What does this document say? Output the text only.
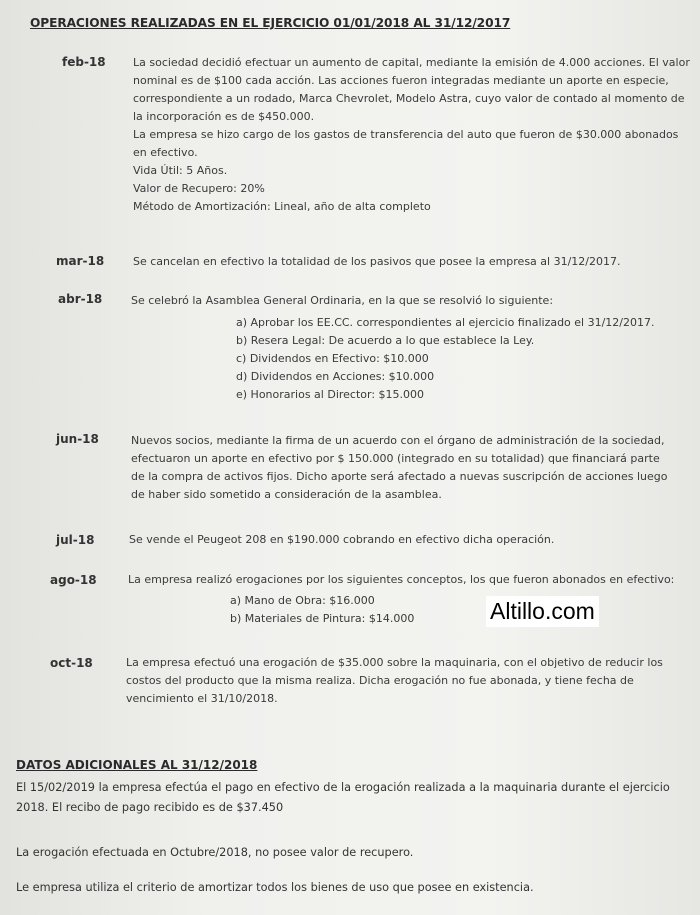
OPERACIONES REALIZADAS EN EL EJERCICIO 01/01/2018 AL 31/12/2017
feb-18 La sociedad decidió efectuar un aumento de capital, mediante la emisión de 4.000 acciones. El valor
nominal es de $100 cada acción. Las acciones fueron integradas mediante un aporte en especie,
correspondiente a un rodado, Marca Chevrolet, Modelo Astra, cuyo valor de contado al momento de
la incorporación es de $450.000.
La empresa se hizo cargo de los gastos de transferencia del auto que fueron de $30.000 abonados
en efectivo.
Vida Útil: 5 Años.
Valor de Recupero: 20%
Método de Amortización: Lineal, año de alta completo
mar-18	Se cancelan en efectivo la totalidad de los pasivos que posee la empresa al 31/12/2017.
abr-18	Se celebró la Asamblea General Ordinaria, en la que se resolvió lo siguiente:
a) Aprobar los EE.CC. correspondientes al ejercicio finalizado el 31/12/2017.
b) Resera Legal: De acuerdo a lo que establece la Ley.
c) Dividendos en Efectivo: $10.000
d) Dividendos en Acciones: $10.000
e) Honorarios al Director: $15.000
jun-18	Nuevos socios, mediante la firma de un acuerdo con el órgano de administración de la sociedad,
efectuaron un aporte en efectivo por $ 150.000 (integrado en su totalidad) que financiará parte
de la compra de activos fijos. Dicho aporte será afectado a nuevas suscripción de acciones luego
de haber sido sometido a consideración de la asamblea.
jul-18	Se vende el Peugeot 208 en $190.000 cobrando en efectivo dicha operación.
ago-18	La empresa realizó erogaciones por los siguientes conceptos, los que fueron abonados en efectivo:
a) Mano de Obra: $16.000
b) Materiales de Pintura: $14.000	Altillo.com
oct-18	La empresa efectuó una erogación de $35.000 sobre la maquinaria, con el objetivo de reducir los
costos del producto que la misma realiza. Dicha erogación no fue abonada, y tiene fecha de
vencimiento el 31/10/2018.
DATOS ADICIONALES AL 31/12/2018
El 15/02/2019 la empresa efectúa el pago en efectivo de la erogación realizada a la maquinaria durante el ejercicio
2018. El recibo de pago recibido es de $37.450
La erogación efectuada en Octubre/2018, no posee valor de recupero.
Le empresa utiliza el criterio de amortizar todos los bienes de uso que posee en existencia.
